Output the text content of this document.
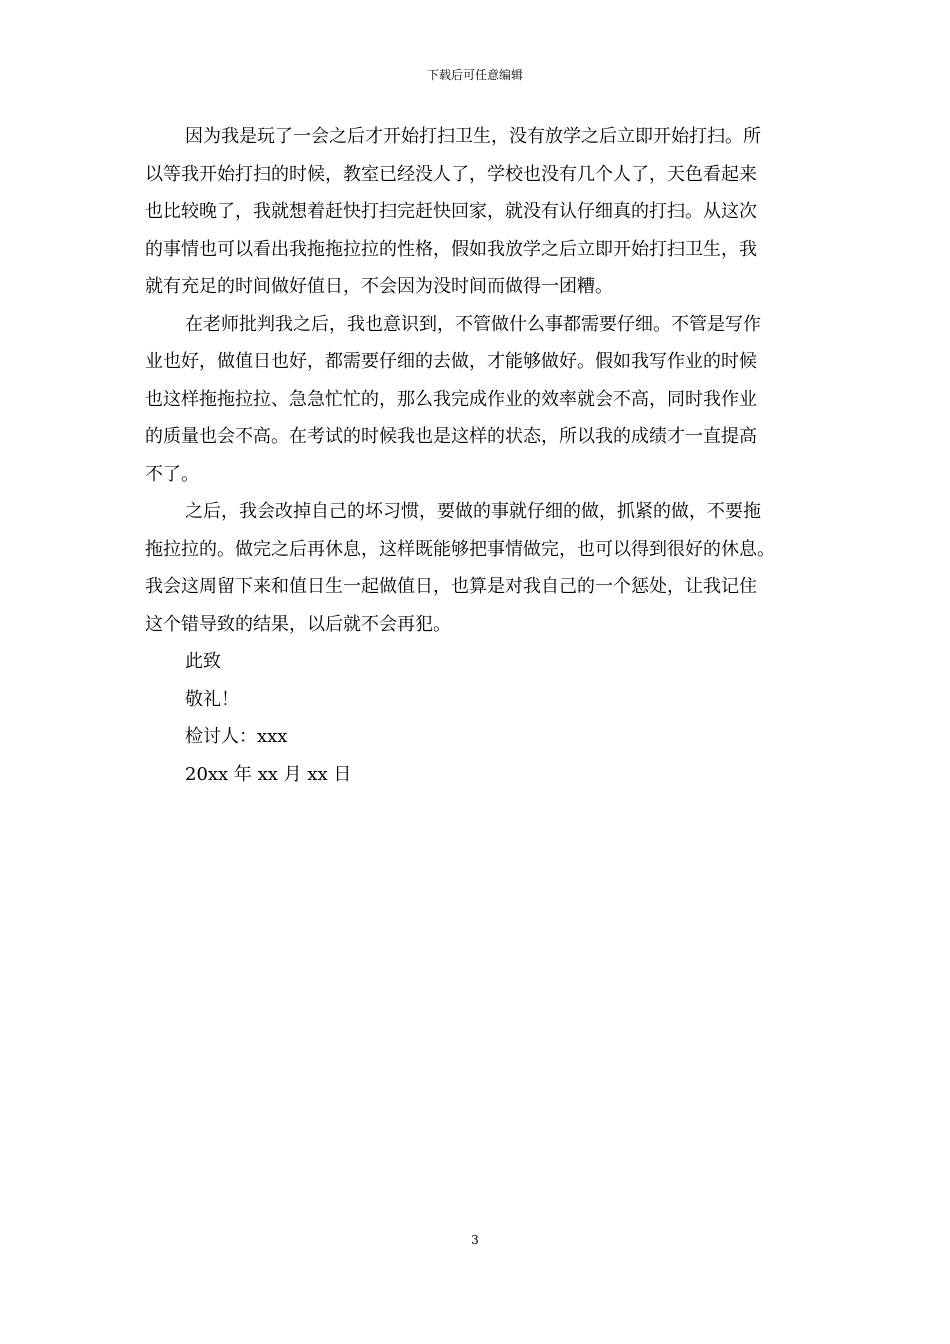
下载后可任意编辑
因为我是玩了一会之后才开始打扫卫生，没有放学之后立即开始打扫。所
以等我开始打扫的时候，教室已经没人了，学校也没有几个人了，天色看起来
也比较晚了，我就想着赶快打扫完赶快回家，就没有认仔细真的打扫。从这次
的事情也可以看出我拖拖拉拉的性格，假如我放学之后立即开始打扫卫生，我
就有充足的时间做好值日，不会因为没时间而做得一团糟。
在老师批判我之后，我也意识到，不管做什么事都需要仔细。不管是写作
业也好，做值日也好，都需要仔细的去做，才能够做好。假如我写作业的时候
也这样拖拖拉拉、急急忙忙的，那么我完成作业的效率就会不高，同时我作业
的质量也会不高。在考试的时候我也是这样的状态，所以我的成绩才一直提高
不了。
之后，我会改掉自己的坏习惯，要做的事就仔细的做，抓紧的做，不要拖
拖拉拉的。做完之后再休息，这样既能够把事情做完，也可以得到很好的休息。
我会这周留下来和值日生一起做值日，也算是对我自己的一个惩处，让我记住
这个错导致的结果，以后就不会再犯。
此致
敬礼！
检讨人：xxx
20xx 年 xx 月 xx 日
3
